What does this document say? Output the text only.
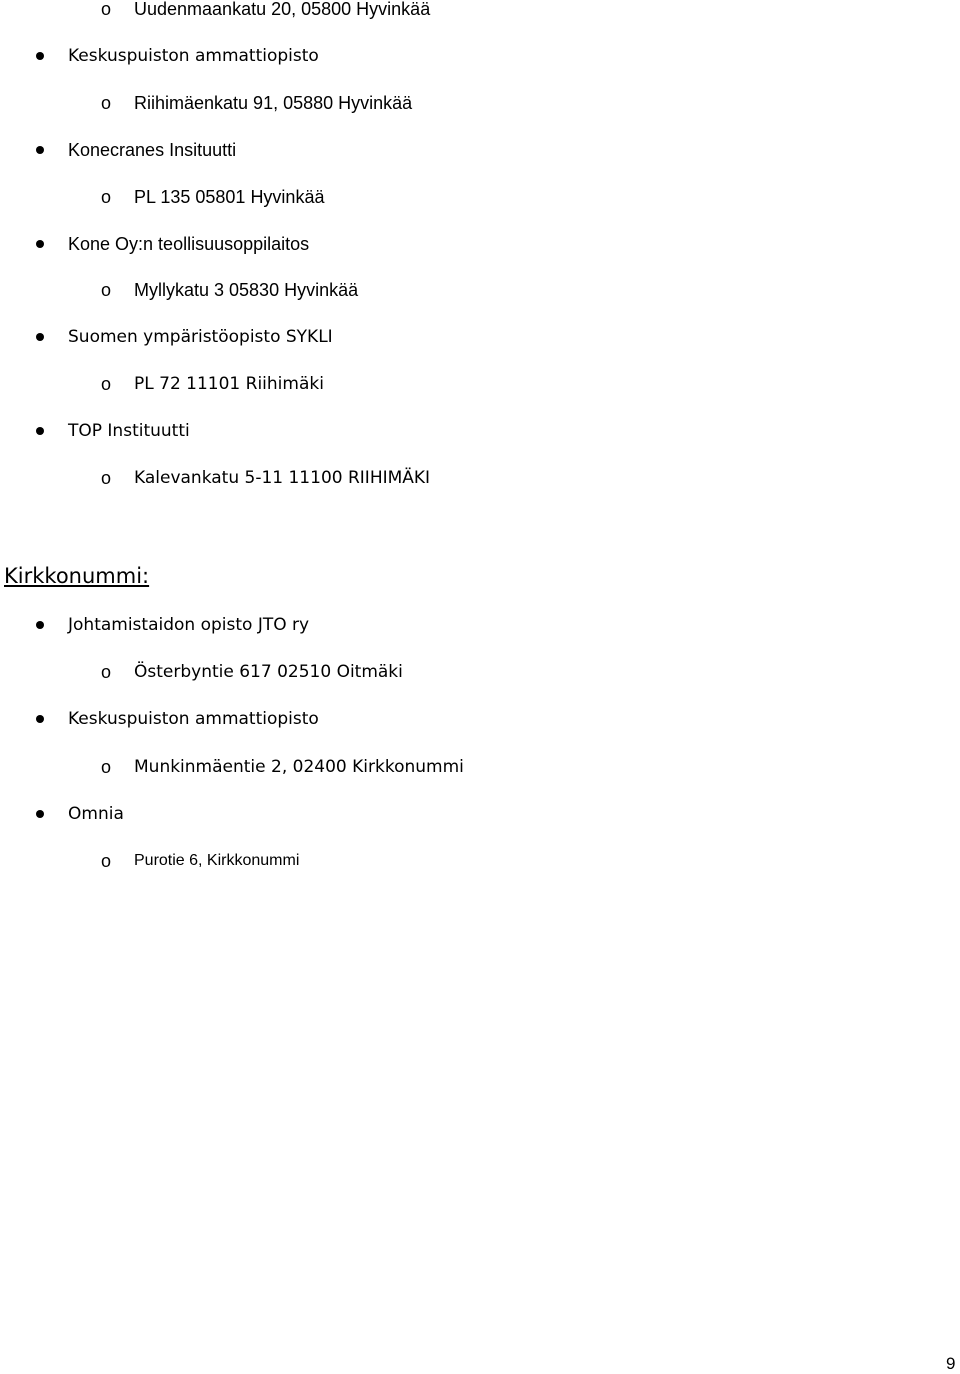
o Uudenmaankatu 20, 05800 Hyvinkää
Keskuspuiston ammattiopisto
o Riihimäenkatu 91, 05880 Hyvinkää
Konecranes Insituutti
o PL 135 05801 Hyvinkää
Kone Oy:n teollisuusoppilaitos
o Myllykatu 3 05830 Hyvinkää
Suomen ympäristöopisto SYKLI
o PL 72 11101 Riihimäki
TOP Instituutti
o Kalevankatu 5-11 11100 RIIHIMÄKI
Johtamistaidon opisto JTO ry
o Österbyntie 617 02510 Oitmäki
Keskuspuiston ammattiopisto
o Munkinmäentie 2, 02400 Kirkkonummi
Omnia
o Purotie 6, Kirkkonummi
Kirkkonummi:
9
